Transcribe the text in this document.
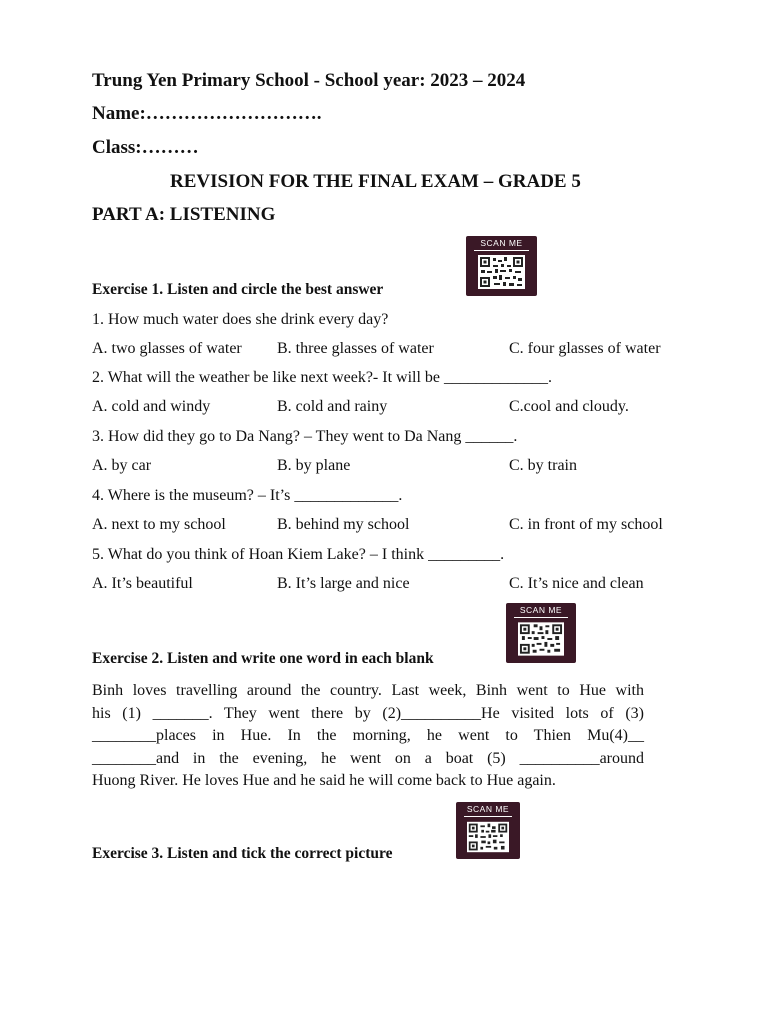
Trung Yen Primary School - School year: 2023 – 2024
Name:……………………….
Class:………
REVISION FOR THE FINAL EXAM – GRADE 5
PART A: LISTENING
SCAN ME
Exercise 1. Listen and circle the best answer
1. How much water does she drink every day?
A. two glasses of water B. three glasses of water	C. four glasses of water
2. What will the weather be like next week?- It will be _____________.
A. cold and windy	B. cold and rainy	C.cool and cloudy.
3. How did they go to Da Nang? – They went to Da Nang ______.
A. by car	B. by plane	C. by train
4. Where is the museum? – It’s _____________.
A. next to my school	B. behind my school	C. in front of my school
5. What do you think of Hoan Kiem Lake? – I think _________.
A. It’s beautiful	B. It’s large and nice	C. It’s nice and clean
SCAN ME
Exercise 2. Listen and write one word in each blank
Binh loves travelling around the country. Last week, Binh went to Hue with
his (1) _______. They went there by (2)__________He visited lots of (3)
________places in Hue. In the morning, he went to Thien Mu(4)__
________and in the evening, he went on a boat (5) __________around
Huong River. He loves Hue and he said he will come back to Hue again.
SCAN ME
Exercise 3. Listen and tick the correct picture
